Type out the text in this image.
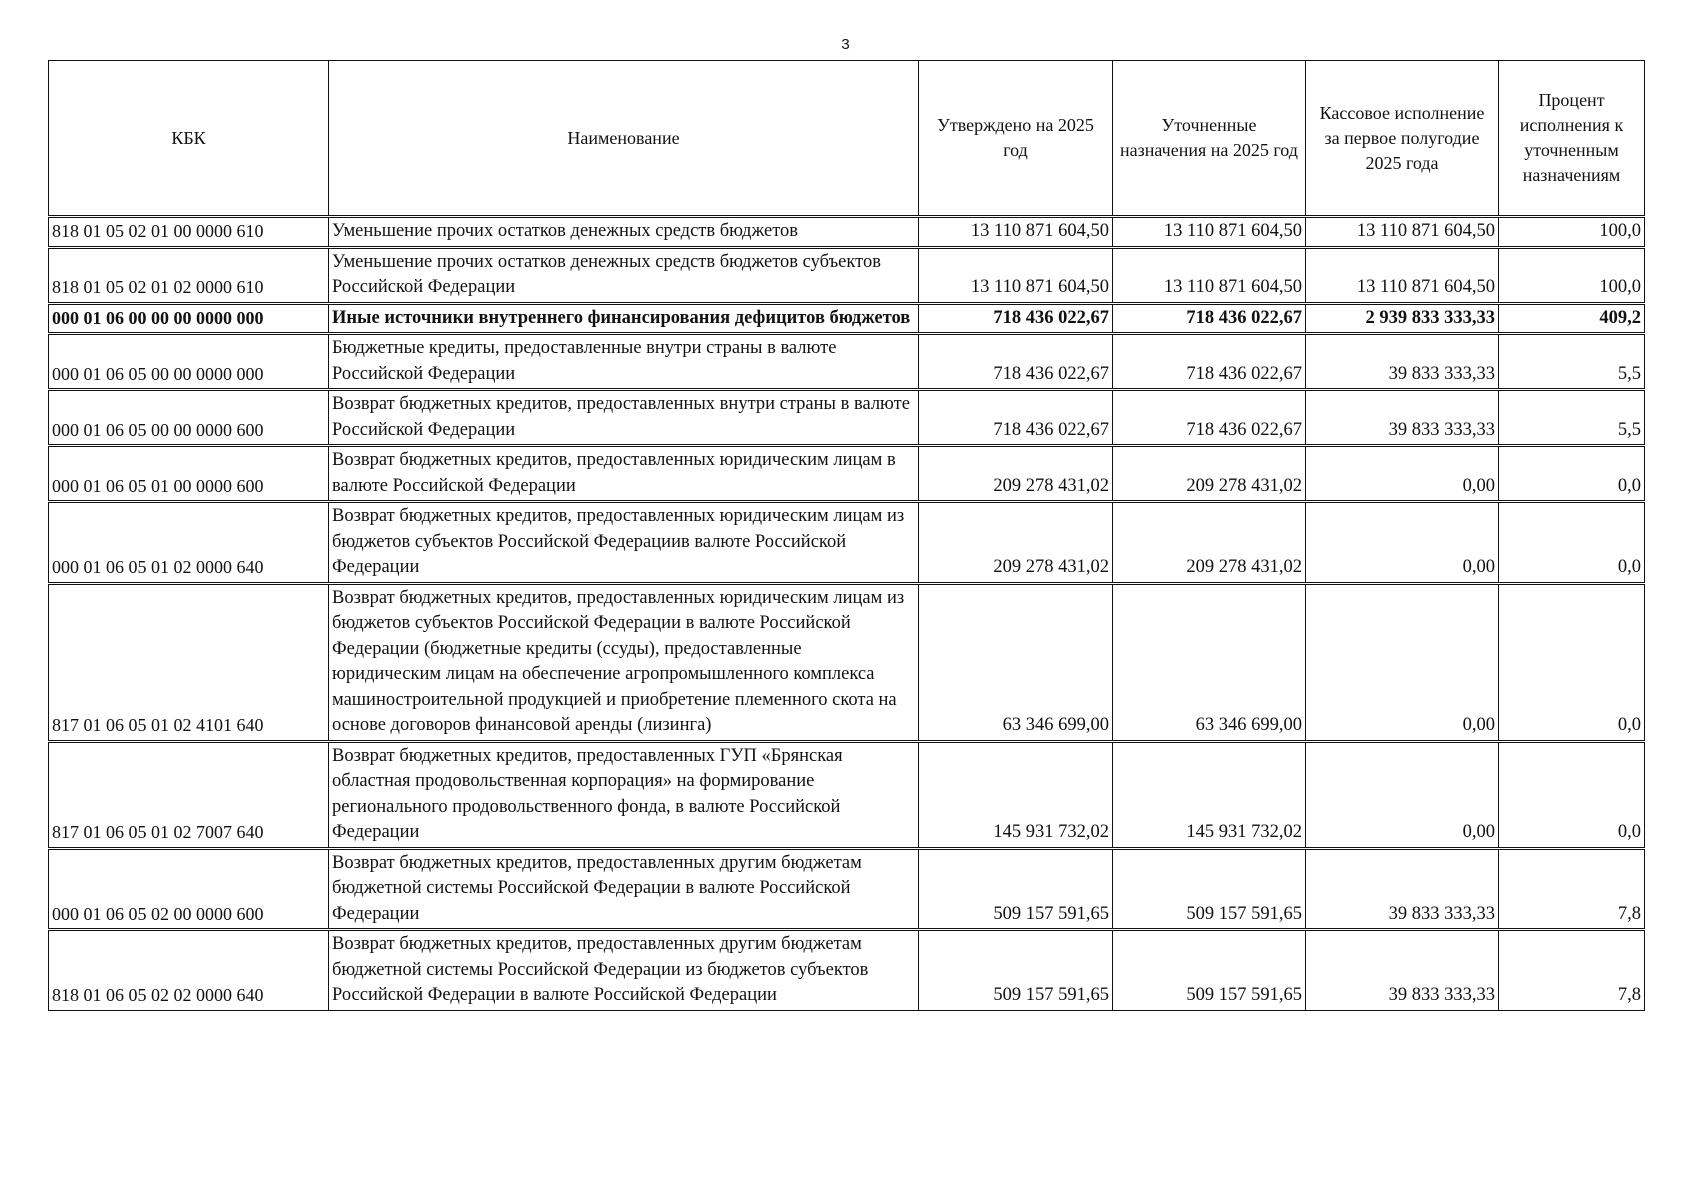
3
КБК	Наименование	Утверждено на 2025 год	Уточненные назначения на 2025 год	Кассовое исполнение за первое полугодие 2025 года	Процент исполнения к уточненным назначениям
818 01 05 02 01 00 0000 610	Уменьшение прочих остатков денежных средств бюджетов	13 110 871 604,50	13 110 871 604,50	13 110 871 604,50	100,0
818 01 05 02 01 02 0000 610	Уменьшение прочих остатков денежных средств бюджетов субъектов Российской Федерации	13 110 871 604,50	13 110 871 604,50	13 110 871 604,50	100,0
000 01 06 00 00 00 0000 000	Иные источники внутреннего финансирования дефицитов бюджетов	718 436 022,67	718 436 022,67	2 939 833 333,33	409,2
000 01 06 05 00 00 0000 000	Бюджетные кредиты, предоставленные внутри страны в валюте Российской Федерации	718 436 022,67	718 436 022,67	39 833 333,33	5,5
000 01 06 05 00 00 0000 600	Возврат бюджетных кредитов, предоставленных внутри страны в валюте Российской Федерации	718 436 022,67	718 436 022,67	39 833 333,33	5,5
000 01 06 05 01 00 0000 600	Возврат бюджетных кредитов, предоставленных юридическим лицам в валюте Российской Федерации	209 278 431,02	209 278 431,02	0,00	0,0
000 01 06 05 01 02 0000 640	Возврат бюджетных кредитов, предоставленных юридическим лицам из бюджетов субъектов Российской Федерациив валюте Российской Федерации	209 278 431,02	209 278 431,02	0,00	0,0
817 01 06 05 01 02 4101 640	Возврат бюджетных кредитов, предоставленных юридическим лицам из бюджетов субъектов Российской Федерации в валюте Российской Федерации (бюджетные кредиты (ссуды), предоставленные юридическим лицам на обеспечение агропромышленного комплекса машиностроительной продукцией и приобретение племенного скота на основе договоров финансовой аренды (лизинга)	63 346 699,00	63 346 699,00	0,00	0,0
817 01 06 05 01 02 7007 640	Возврат бюджетных кредитов, предоставленных ГУП «Брянская областная продовольственная корпорация» на формирование регионального продовольственного фонда, в валюте Российской Федерации	145 931 732,02	145 931 732,02	0,00	0,0
000 01 06 05 02 00 0000 600	Возврат бюджетных кредитов, предоставленных другим бюджетам бюджетной системы Российской Федерации в валюте Российской Федерации	509 157 591,65	509 157 591,65	39 833 333,33	7,8
818 01 06 05 02 02 0000 640	Возврат бюджетных кредитов, предоставленных другим бюджетам бюджетной системы Российской Федерации из бюджетов субъектов Российской Федерации в валюте Российской Федерации	509 157 591,65	509 157 591,65	39 833 333,33	7,8
